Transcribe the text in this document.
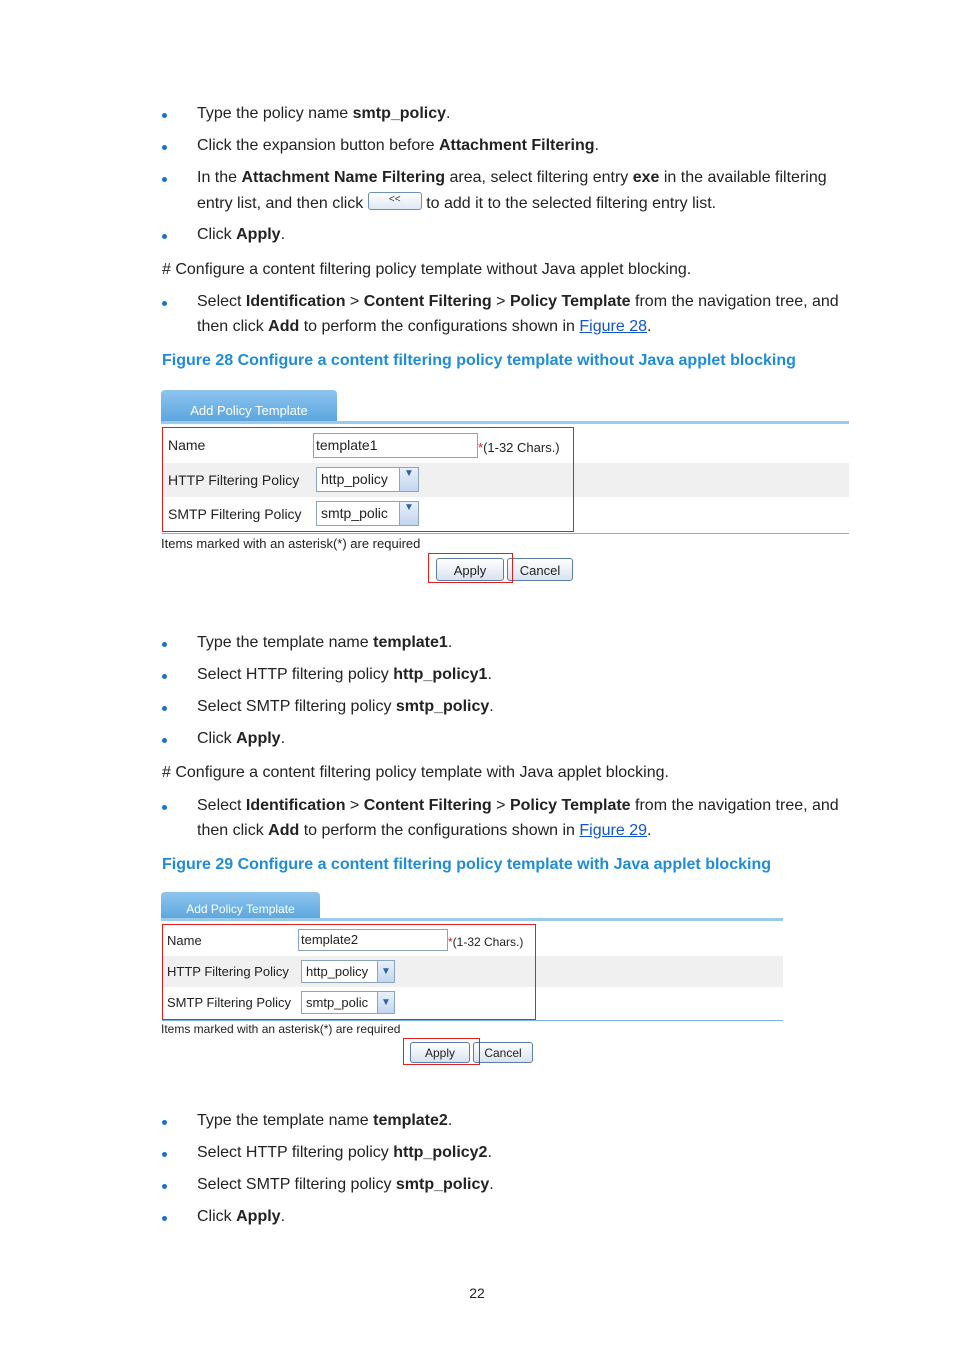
Type the policy name smtp_policy.
Click the expansion button before Attachment Filtering.
In the Attachment Name Filtering area, select filtering entry exe in the available filtering
entry list, and then click << to add it to the selected filtering entry list.
Click Apply.
# Configure a content filtering policy template without Java applet blocking.
Select Identification > Content Filtering > Policy Template from the navigation tree, and
then click Add to perform the configurations shown in Figure 28.
Figure 28 Configure a content filtering policy template without Java applet blocking
Add Policy Template
Name	template1	*(1-32 Chars.)
HTTP Filtering Policy http_policy	▼
SMTP Filtering Policy smtp_polic	▼
Items marked with an asterisk(*) are required
Apply	Cancel
Type the template name template1.
Select HTTP filtering policy http_policy1.
Select SMTP filtering policy smtp_policy.
Click Apply.
# Configure a content filtering policy template with Java applet blocking.
Select Identification > Content Filtering > Policy Template from the navigation tree, and
then click Add to perform the configurations shown in Figure 29.
Figure 29 Configure a content filtering policy template with Java applet blocking
Add Policy Template
Name	template2	*(1-32 Chars.)
HTTP Filtering Policy http_policy	▼
SMTP Filtering Policy smtp_polic	▼
Items marked with an asterisk(*) are required
Apply	Cancel
Type the template name template2.
Select HTTP filtering policy http_policy2.
Select SMTP filtering policy smtp_policy.
Click Apply.
22
